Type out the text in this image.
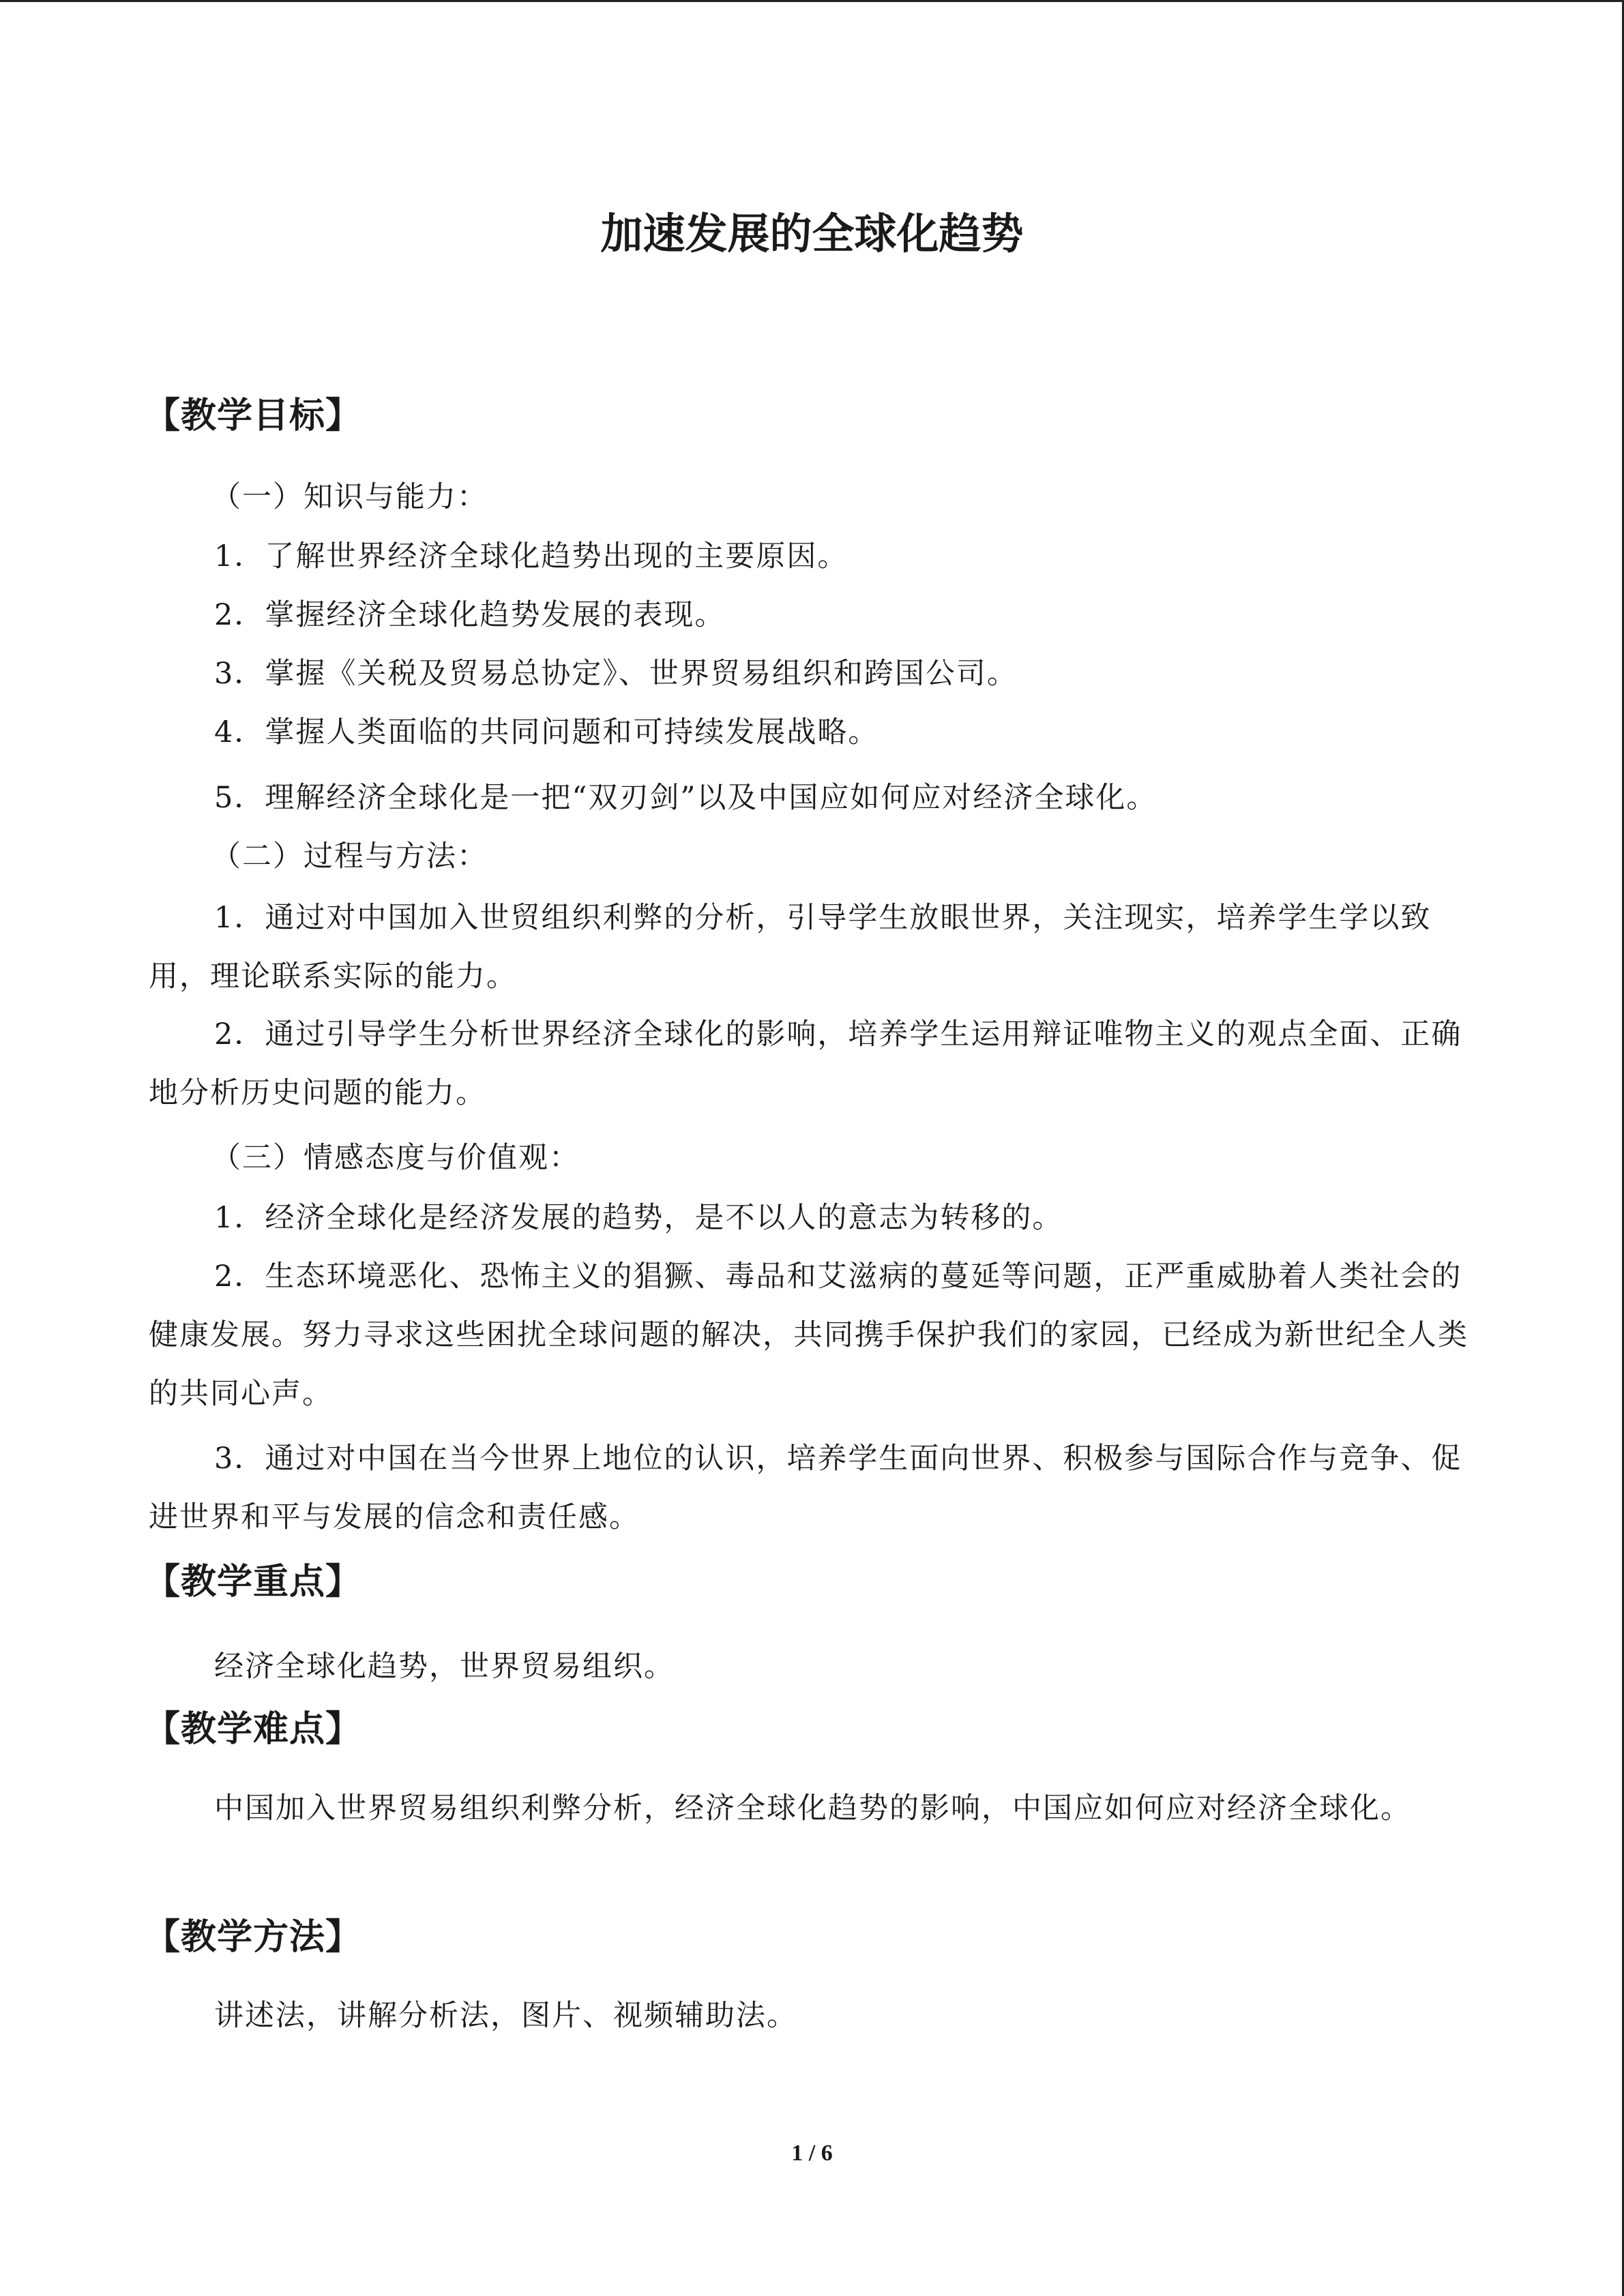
加速发展的全球化趋势
【教学目标】
（一）知识与能力：
1．了解世界经济全球化趋势出现的主要原因。
2．掌握经济全球化趋势发展的表现。
3．掌握《关税及贸易总协定》、世界贸易组织和跨国公司。
4．掌握人类面临的共同问题和可持续发展战略。
5．理解经济全球化是一把“双刃剑”以及中国应如何应对经济全球化。
（二）过程与方法：
1．通过对中国加入世贸组织利弊的分析，引导学生放眼世界，关注现实，培养学生学以致用，理论联系实际的能力。
2．通过引导学生分析世界经济全球化的影响，培养学生运用辩证唯物主义的观点全面、正确地分析历史问题的能力。
（三）情感态度与价值观：
1．经济全球化是经济发展的趋势，是不以人的意志为转移的。
2．生态环境恶化、恐怖主义的猖獗、毒品和艾滋病的蔓延等问题，正严重威胁着人类社会的健康发展。努力寻求这些困扰全球问题的解决，共同携手保护我们的家园，已经成为新世纪全人类的共同心声。
3．通过对中国在当今世界上地位的认识，培养学生面向世界、积极参与国际合作与竞争、促进世界和平与发展的信念和责任感。
【教学重点】
经济全球化趋势，世界贸易组织。
【教学难点】
中国加入世界贸易组织利弊分析，经济全球化趋势的影响，中国应如何应对经济全球化。
【教学方法】
讲述法，讲解分析法，图片、视频辅助法。
1 / 6
